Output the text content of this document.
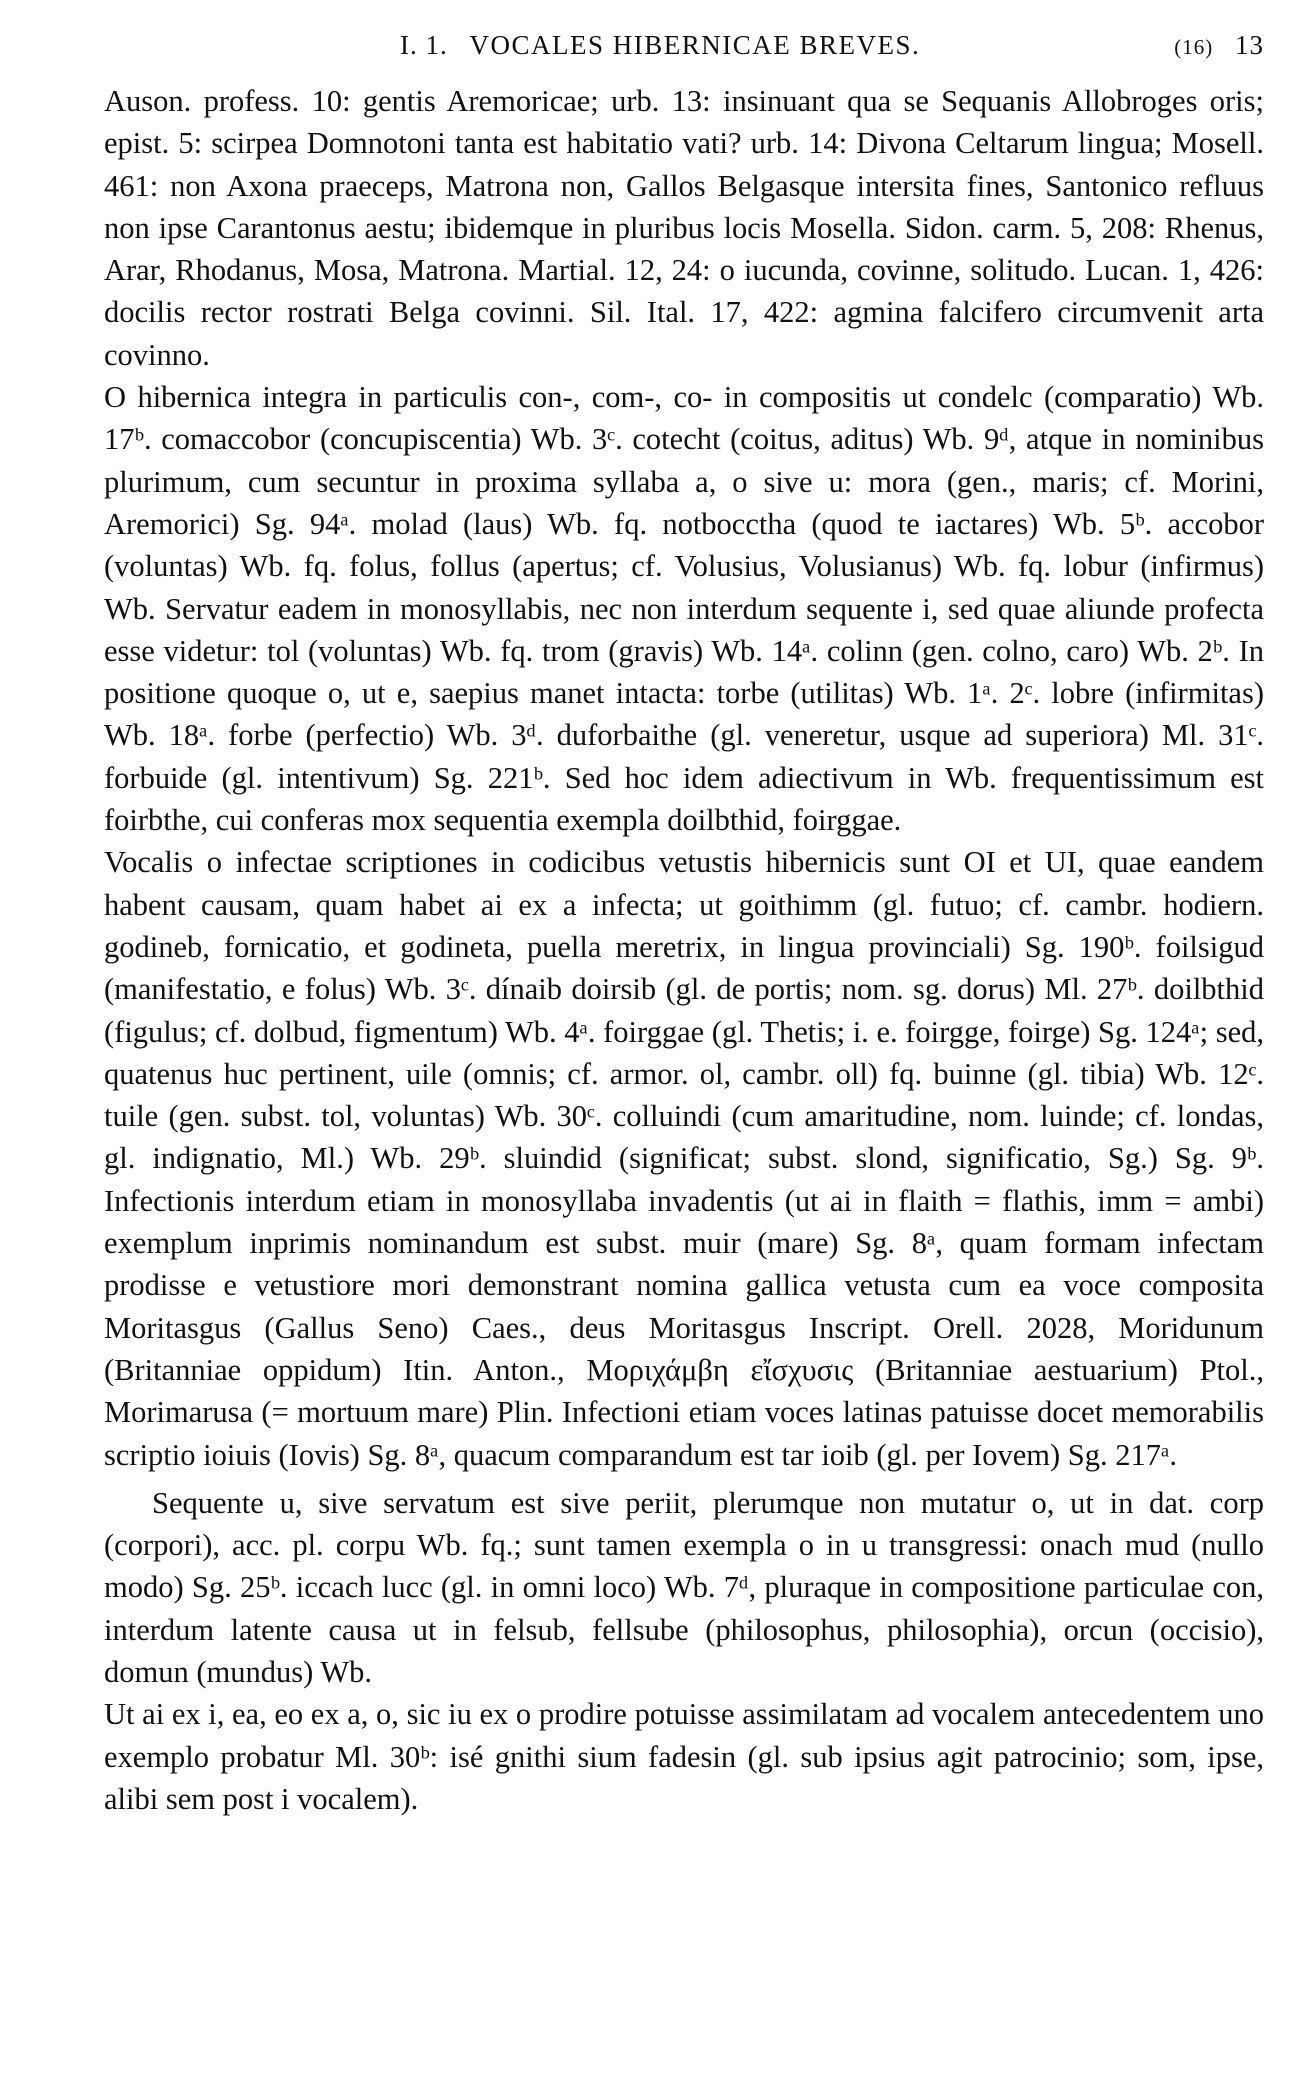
I. 1. VOCALES HIBERNICAE BREVES.	(16) 13

Auson. profess. 10: gentis Aremoricae; urb. 13: insinuant qua se Sequanis Allobroges oris; epist. 5: scirpea Domnotoni tanta est habitatio vati? urb. 14: Divona Celtarum lingua; Mosell. 461: non Axona praeceps, Matrona non, Gallos Belgasque intersita fines, Santonico refluus non ipse Carantonus aestu; ibidemque in pluribus locis Mosella. Sidon. carm. 5, 208: Rhenus, Arar, Rhodanus, Mosa, Matrona. Martial. 12, 24: o iucunda, covinne, solitudo. Lucan. 1, 426: docilis rector rostrati Belga covinni. Sil. Ital. 17, 422: agmina falcifero circumvenit arta covinno.

O hibernica integra in particulis con-, com-, co- in compositis ut condelc (comparatio) Wb. 17ᵇ. comaccobor (concupiscentia) Wb. 3ᶜ. cotecht (coitus, aditus) Wb. 9ᵈ, atque in nominibus plurimum, cum secuntur in proxima syllaba a, o sive u: mora (gen., maris; cf. Morini, Aremorici) Sg. 94ᵃ. molad (laus) Wb. fq. notbocctha (quod te iactares) Wb. 5ᵇ. accobor (voluntas) Wb. fq. folus, follus (apertus; cf. Volusius, Volusianus) Wb. fq. lobur (infirmus) Wb. Servatur eadem in monosyllabis, nec non interdum sequente i, sed quae aliunde profecta esse videtur: tol (voluntas) Wb. fq. trom (gravis) Wb. 14ᵃ. colinn (gen. colno, caro) Wb. 2ᵇ. In positione quoque o, ut e, saepius manet intacta: torbe (utilitas) Wb. 1ᵃ. 2ᶜ. lobre (infirmitas) Wb. 18ᵃ. forbe (perfectio) Wb. 3ᵈ. duforbaithe (gl. veneretur, usque ad superiora) Ml. 31ᶜ. forbuide (gl. intentivum) Sg. 221ᵇ. Sed hoc idem adiectivum in Wb. frequentissimum est foirbthe, cui conferas mox sequentia exempla doilbthid, foirggae.

Vocalis o infectae scriptiones in codicibus vetustis hibernicis sunt OI et UI, quae eandem habent causam, quam habet ai ex a infecta; ut goithimm (gl. futuo; cf. cambr. hodiern. godineb, fornicatio, et godineta, puella meretrix, in lingua provinciali) Sg. 190ᵇ. foilsigud (manifestatio, e folus) Wb. 3ᶜ. dínaib doirsib (gl. de portis; nom. sg. dorus) Ml. 27ᵇ. doilbthid (figulus; cf. dolbud, figmentum) Wb. 4ᵃ. foirggae (gl. Thetis; i. e. foirgge, foirge) Sg. 124ᵃ; sed, quatenus huc pertinent, uile (omnis; cf. armor. ol, cambr. oll) fq. buinne (gl. tibia) Wb. 12ᶜ. tuile (gen. subst. tol, voluntas) Wb. 30ᶜ. colluindi (cum amaritudine, nom. luinde; cf. londas, gl. indignatio, Ml.) Wb. 29ᵇ. sluindid (significat; subst. slond, significatio, Sg.) Sg. 9ᵇ. Infectionis interdum etiam in monosyllaba invadentis (ut ai in flaith = flathis, imm = ambi) exemplum inprimis nominandum est subst. muir (mare) Sg. 8ᵃ, quam formam infectam prodisse e vetustiore mori demonstrant nomina gallica vetusta cum ea voce composita Moritasgus (Gallus Seno) Caes., deus Moritasgus Inscript. Orell. 2028, Moridunum (Britanniae oppidum) Itin. Anton., Μοριχάμβη εἴσχυσις (Britanniae aestuarium) Ptol., Morimarusa (= mortuum mare) Plin. Infectioni etiam voces latinas patuisse docet memorabilis scriptio ioiuis (Iovis) Sg. 8ᵃ, quacum comparandum est tar ioib (gl. per Iovem) Sg. 217ᵃ.

Sequente u, sive servatum est sive periit, plerumque non mutatur o, ut in dat. corp (corpori), acc. pl. corpu Wb. fq.; sunt tamen exempla o in u transgressi: onach mud (nullo modo) Sg. 25ᵇ. iccach lucc (gl. in omni loco) Wb. 7ᵈ, pluraque in compositione particulae con, interdum latente causa ut in felsub, fellsube (philosophus, philosophia), orcun (occisio), domun (mundus) Wb.

Ut ai ex i, ea, eo ex a, o, sic iu ex o prodire potuisse assimilatam ad vocalem antecedentem uno exemplo probatur Ml. 30ᵇ: isé gnithi sium fadesin (gl. sub ipsius agit patrocinio; som, ipse, alibi sem post i vocalem).
